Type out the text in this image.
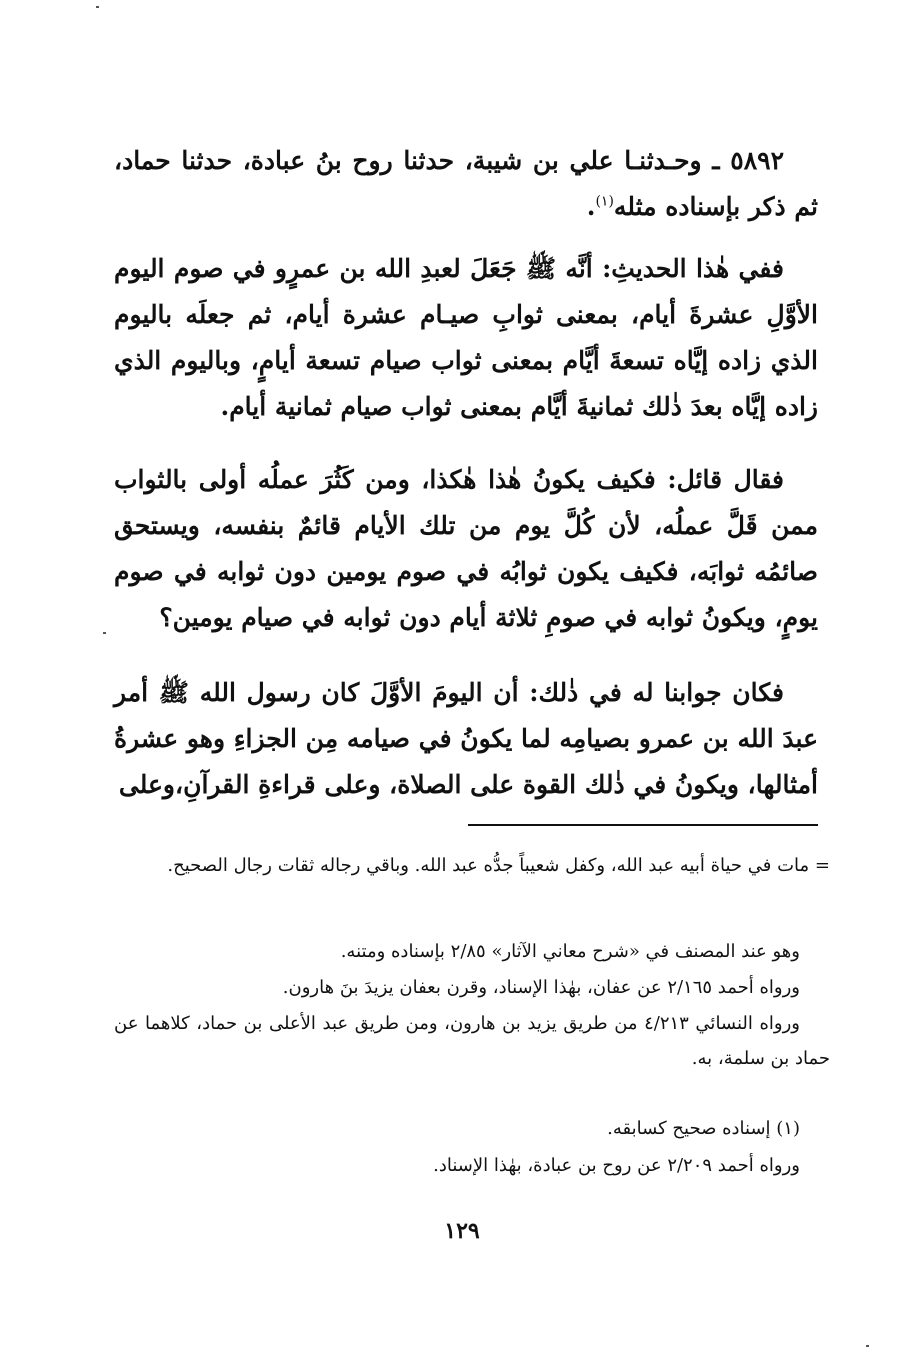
٥٨٩٢ ـ وحـدثنـا علي بن شيبة، حدثنا روح بنُ عبادة، حدثنا حماد، ثم ذكر بإسناده مثله$^{(١)}$.

ففي هٰذا الحديثِ: أنَّه ﷺ جَعَلَ لعبدِ الله بن عمرٍو في صوم اليوم الأوَّلِ عشرةَ أيام، بمعنى ثوابِ صيـام عشرة أيام، ثم جعلَه باليوم الذي زاده إيَّاه تسعةَ أيَّام بمعنى ثواب صيام تسعة أيامٍ، وباليوم الذي زاده إيَّاه بعدَ ذٰلك ثمانيةَ أيَّام بمعنى ثواب صيام ثمانية أيام.

فقال قائل: فكيف يكونُ هٰذا هٰكذا، ومن كَثُرَ عملُه أولى بالثواب ممن قَلَّ عملُه، لأن كُلَّ يوم من تلك الأيام قائمٌ بنفسه، ويستحق صائمُه ثوابَه، فكيف يكون ثوابُه في صوم يومين دون ثوابه في صوم يومٍ، ويكونُ ثوابه في صومِ ثلاثة أيام دون ثوابه في صيام يومين؟

فكان جوابنا له في ذٰلك: أن اليومَ الأوَّلَ كان رسول الله ﷺ أمر عبدَ الله بن عمرو بصيامِه لما يكونُ في صيامه مِن الجزاءِ وهو عشرةُ أمثالها، ويكونُ في ذٰلك القوة على الصلاة، وعلى قراءةِ القرآنِ،وعلى

= مات في حياة أبيه عبد الله، وكفل شعيباً جدُّه عبد الله. وباقي رجاله ثقات رجال الصحيح.

وهو عند المصنف في «شرح معاني الآثار» ٢/٨٥ بإسناده ومتنه.

ورواه أحمد ٢/١٦٥ عن عفان، بهٰذا الإسناد، وقرن بعفان يزيدَ بنَ هارون.

ورواه النسائي ٤/٢١٣ من طريق يزيد بن هارون، ومن طريق عبد الأعلى بن حماد، كلاهما عن حماد بن سلمة، به.

(١) إسناده صحيح كسابقه.

ورواه أحمد ٢/٢٠٩ عن روح بن عبادة، بهٰذا الإسناد.

١٢٩
